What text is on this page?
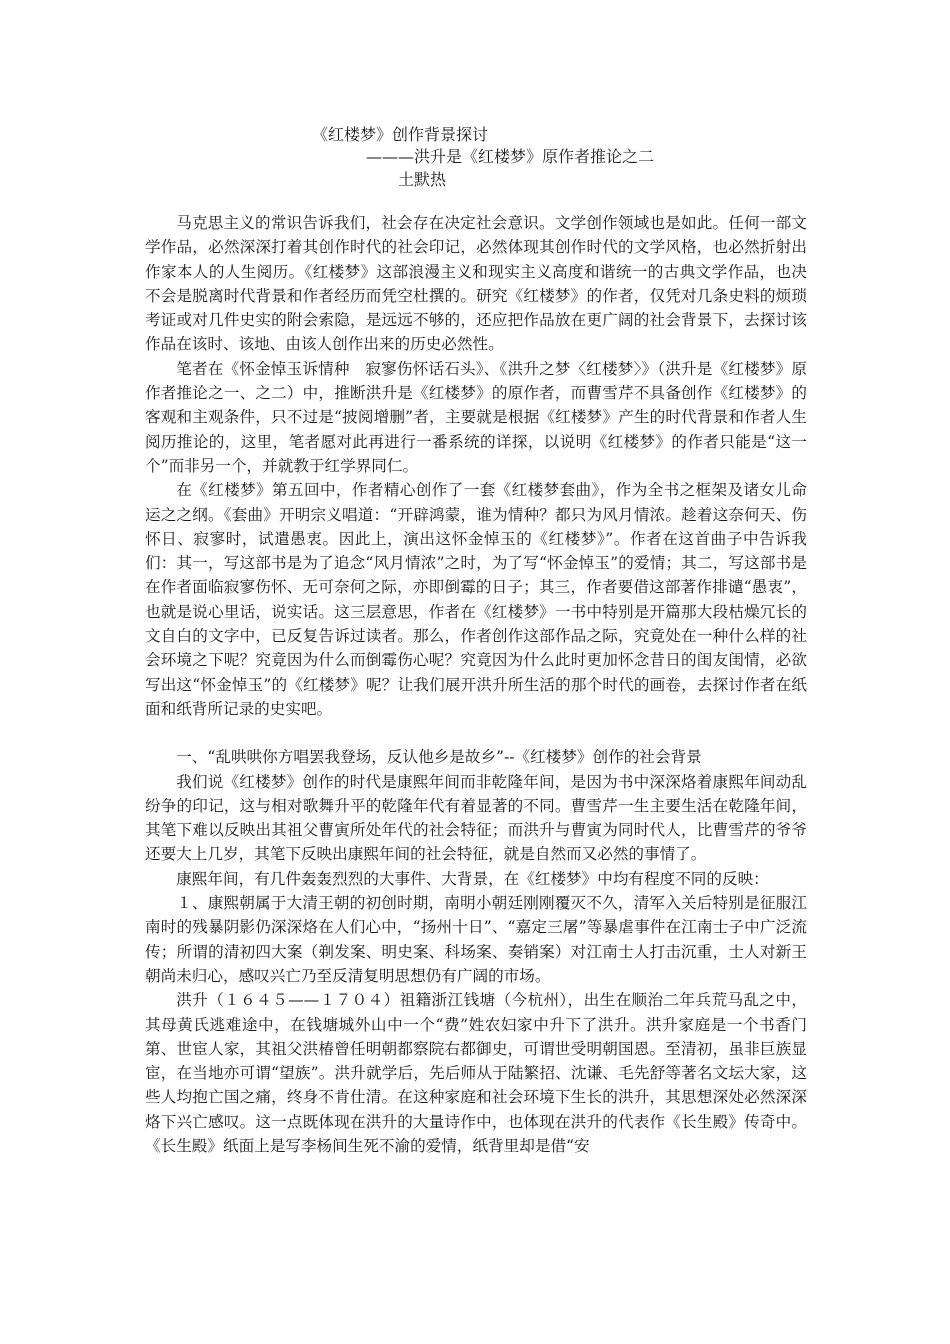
《红楼梦》创作背景探讨
———洪升是《红楼梦》原作者推论之二
土默热

马克思主义的常识告诉我们，社会存在决定社会意识。文学创作领域也是如此。任何一部文学作品，必然深深打着其创作时代的社会印记，必然体现其创作时代的文学风格，也必然折射出作家本人的人生阅历。《红楼梦》这部浪漫主义和现实主义高度和谐统一的古典文学作品，也决不会是脱离时代背景和作者经历而凭空杜撰的。研究《红楼梦》的作者，仅凭对几条史料的烦琐考证或对几件史实的附会索隐，是远远不够的，还应把作品放在更广阔的社会背景下，去探讨该作品在该时、该地、由该人创作出来的历史必然性。

笔者在《怀金悼玉诉情种　寂寥伤怀话石头》、《洪升之梦〈红楼梦〉》（洪升是《红楼梦》原作者推论之一、之二）中，推断洪升是《红楼梦》的原作者，而曹雪芹不具备创作《红楼梦》的客观和主观条件，只不过是“披阅增删”者，主要就是根据《红楼梦》产生的时代背景和作者人生阅历推论的，这里，笔者愿对此再进行一番系统的详探，以说明《红楼梦》的作者只能是“这一个”而非另一个，并就教于红学界同仁。

在《红楼梦》第五回中，作者精心创作了一套《红楼梦套曲》，作为全书之框架及诸女儿命运之之纲。《套曲》开明宗义唱道：“开辟鸿蒙，谁为情种？都只为风月情浓。趁着这奈何天、伤怀日、寂寥时，试遣愚衷。因此上，演出这怀金悼玉的《红楼梦》”。作者在这首曲子中告诉我们：其一，写这部书是为了追念“风月情浓”之时，为了写“怀金悼玉”的爱情；其二，写这部书是在作者面临寂寥伤怀、无可奈何之际，亦即倒霉的日子；其三，作者要借这部著作排谴“愚衷”，也就是说心里话，说实话。这三层意思，作者在《红楼梦》一书中特别是开篇那大段枯燥冗长的文自白的文字中，已反复告诉过读者。那么，作者创作这部作品之际，究竟处在一种什么样的社会环境之下呢？究竟因为什么而倒霉伤心呢？究竟因为什么此时更加怀念昔日的闺友闺情，必欲写出这“怀金悼玉”的《红楼梦》呢？让我们展开洪升所生活的那个时代的画卷，去探讨作者在纸面和纸背所记录的史实吧。

一、“乱哄哄你方唱罢我登场，反认他乡是故乡”--《红楼梦》创作的社会背景

我们说《红楼梦》创作的时代是康熙年间而非乾隆年间，是因为书中深深烙着康熙年间动乱纷争的印记，这与相对歌舞升平的乾隆年代有着显著的不同。曹雪芹一生主要生活在乾隆年间，其笔下难以反映出其祖父曹寅所处年代的社会特征；而洪升与曹寅为同时代人，比曹雪芹的爷爷还要大上几岁，其笔下反映出康熙年间的社会特征，就是自然而又必然的事情了。

康熙年间，有几件轰轰烈烈的大事件、大背景，在《红楼梦》中均有程度不同的反映：

１、康熙朝属于大清王朝的初创时期，南明小朝廷刚刚覆灭不久，清军入关后特别是征服江南时的残暴阴影仍深深烙在人们心中，“扬州十日”、“嘉定三屠”等暴虐事件在江南士子中广泛流传；所谓的清初四大案（剃发案、明史案、科场案、奏销案）对江南士人打击沉重，士人对新王朝尚未归心，感叹兴亡乃至反清复明思想仍有广阔的市场。

洪升（１６４５——１７０４）祖籍浙江钱塘（今杭州），出生在顺治二年兵荒马乱之中，其母黄氏逃难途中，在钱塘城外山中一个“费”姓农妇家中升下了洪升。洪升家庭是一个书香门第、世宦人家，其祖父洪椿曾任明朝都察院右都御史，可谓世受明朝国恩。至清初，虽非巨族显宦，在当地亦可谓“望族”。洪升就学后，先后师从于陆繁招、沈谦、毛先舒等著名文坛大家，这些人均抱亡国之痛，终身不肯仕清。在这种家庭和社会环境下生长的洪升，其思想深处必然深深烙下兴亡感叹。这一点既体现在洪升的大量诗作中，也体现在洪升的代表作《长生殿》传奇中。《长生殿》纸面上是写李杨间生死不渝的爱情，纸背里却是借“安
